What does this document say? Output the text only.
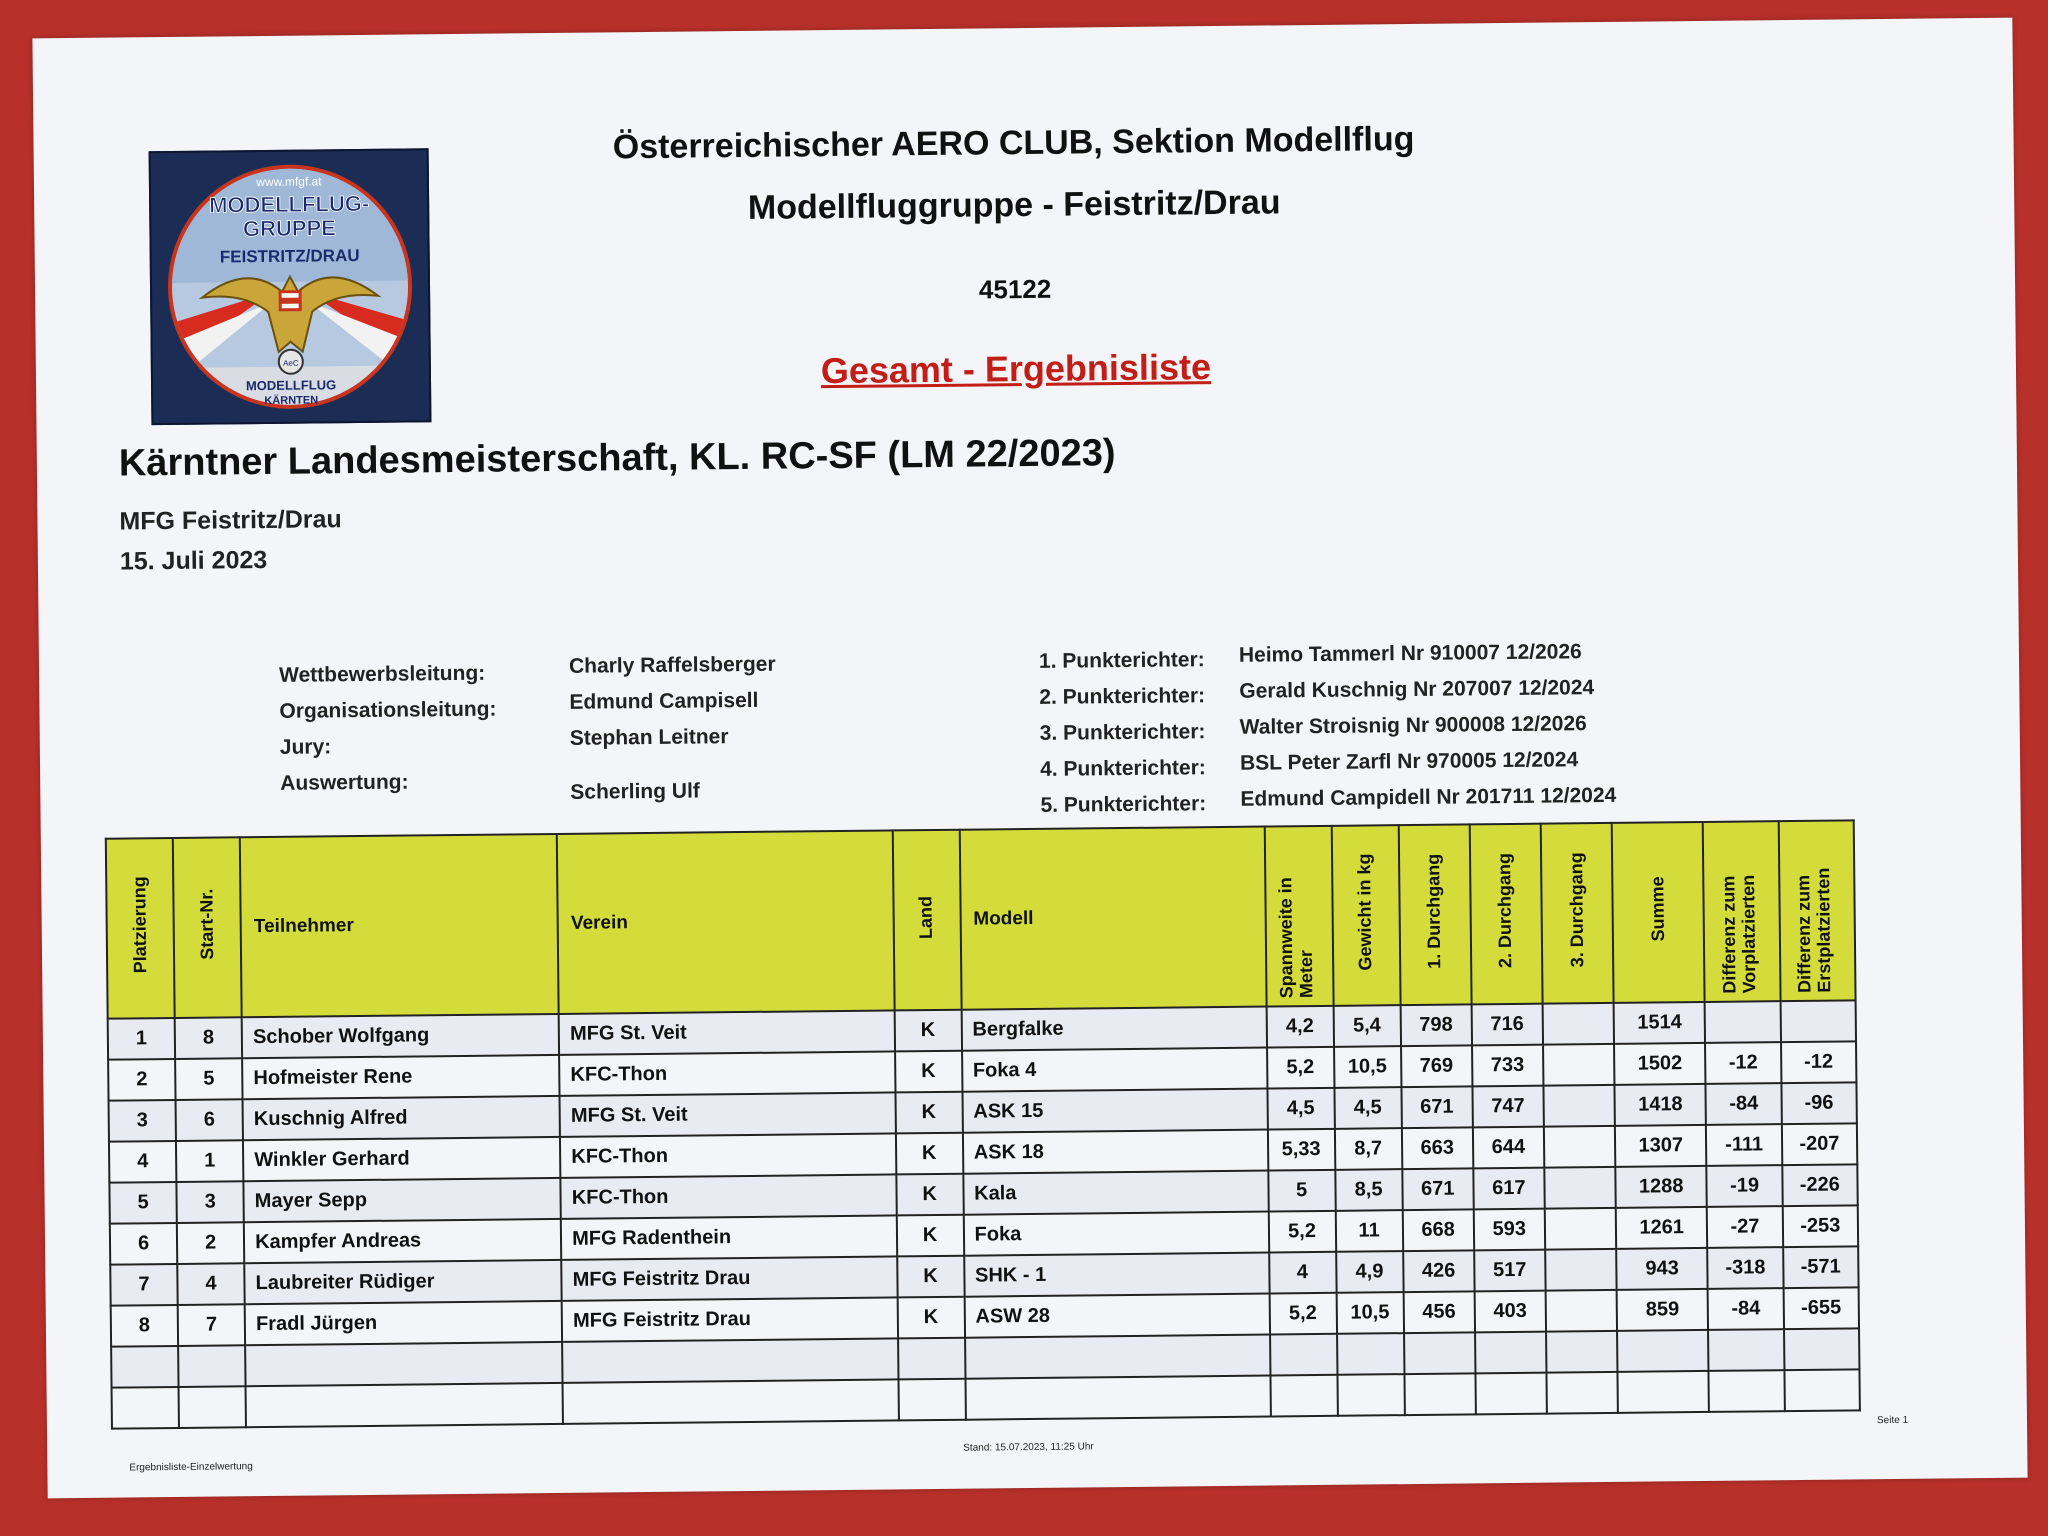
www.mfgf.at
MODELLFLUG-
GRUPPE
FEISTRITZ/DRAU
AeC
MODELLFLUG
KÄRNTEN
Österreichischer AERO CLUB, Sektion Modellflug
Modellfluggruppe - Feistritz/Drau
45122
Gesamt - Ergebnisliste
Kärntner Landesmeisterschaft, KL. RC-SF (LM 22/2023)
MFG Feistritz/Drau
15. Juli 2023
Wettbewerbsleitung:	Charly Raffelsberger
Organisationsleitung:	Edmund Campisell
Jury:	Stephan Leitner
Auswertung:	Scherling Ulf
1. Punkterichter: Heimo Tammerl Nr 910007 12/2026
2. Punkterichter: Gerald Kuschnig Nr 207007 12/2024
3. Punkterichter: Walter Stroisnig Nr 900008 12/2026
4. Punkterichter: BSL Peter Zarfl Nr 970005 12/2024
5. Punkterichter: Edmund Campidell Nr 201711 12/2024
Platzierung	Start-Nr.	Teilnehmer	Verein	Land	Modell	Spannweite in Meter	Gewicht in kg	1. Durchgang	2. Durchgang	3. Durchgang	Summe	Differenz zum Vorplatzierten	Differenz zum Erstplatzierten
1	8	Schober Wolfgang	MFG St. Veit	K	Bergfalke	4,2	5,4	798	716		1514		
2	5	Hofmeister Rene	KFC-Thon	K	Foka 4	5,2	10,5	769	733		1502	-12	-12
3	6	Kuschnig Alfred	MFG St. Veit	K	ASK 15	4,5	4,5	671	747		1418	-84	-96
4	1	Winkler Gerhard	KFC-Thon	K	ASK 18	5,33	8,7	663	644		1307	-111	-207
5	3	Mayer Sepp	KFC-Thon	K	Kala	5	8,5	671	617		1288	-19	-226
6	2	Kampfer Andreas	MFG Radenthein	K	Foka	5,2	11	668	593		1261	-27	-253
7	4	Laubreiter Rüdiger	MFG Feistritz Drau	K	SHK - 1	4	4,9	426	517		943	-318	-571
8	7	Fradl Jürgen	MFG Feistritz Drau	K	ASW 28	5,2	10,5	456	403		859	-84	-655

Ergebnisliste-Einzelwertung
Stand: 15.07.2023, 11:25 Uhr
Seite 1
